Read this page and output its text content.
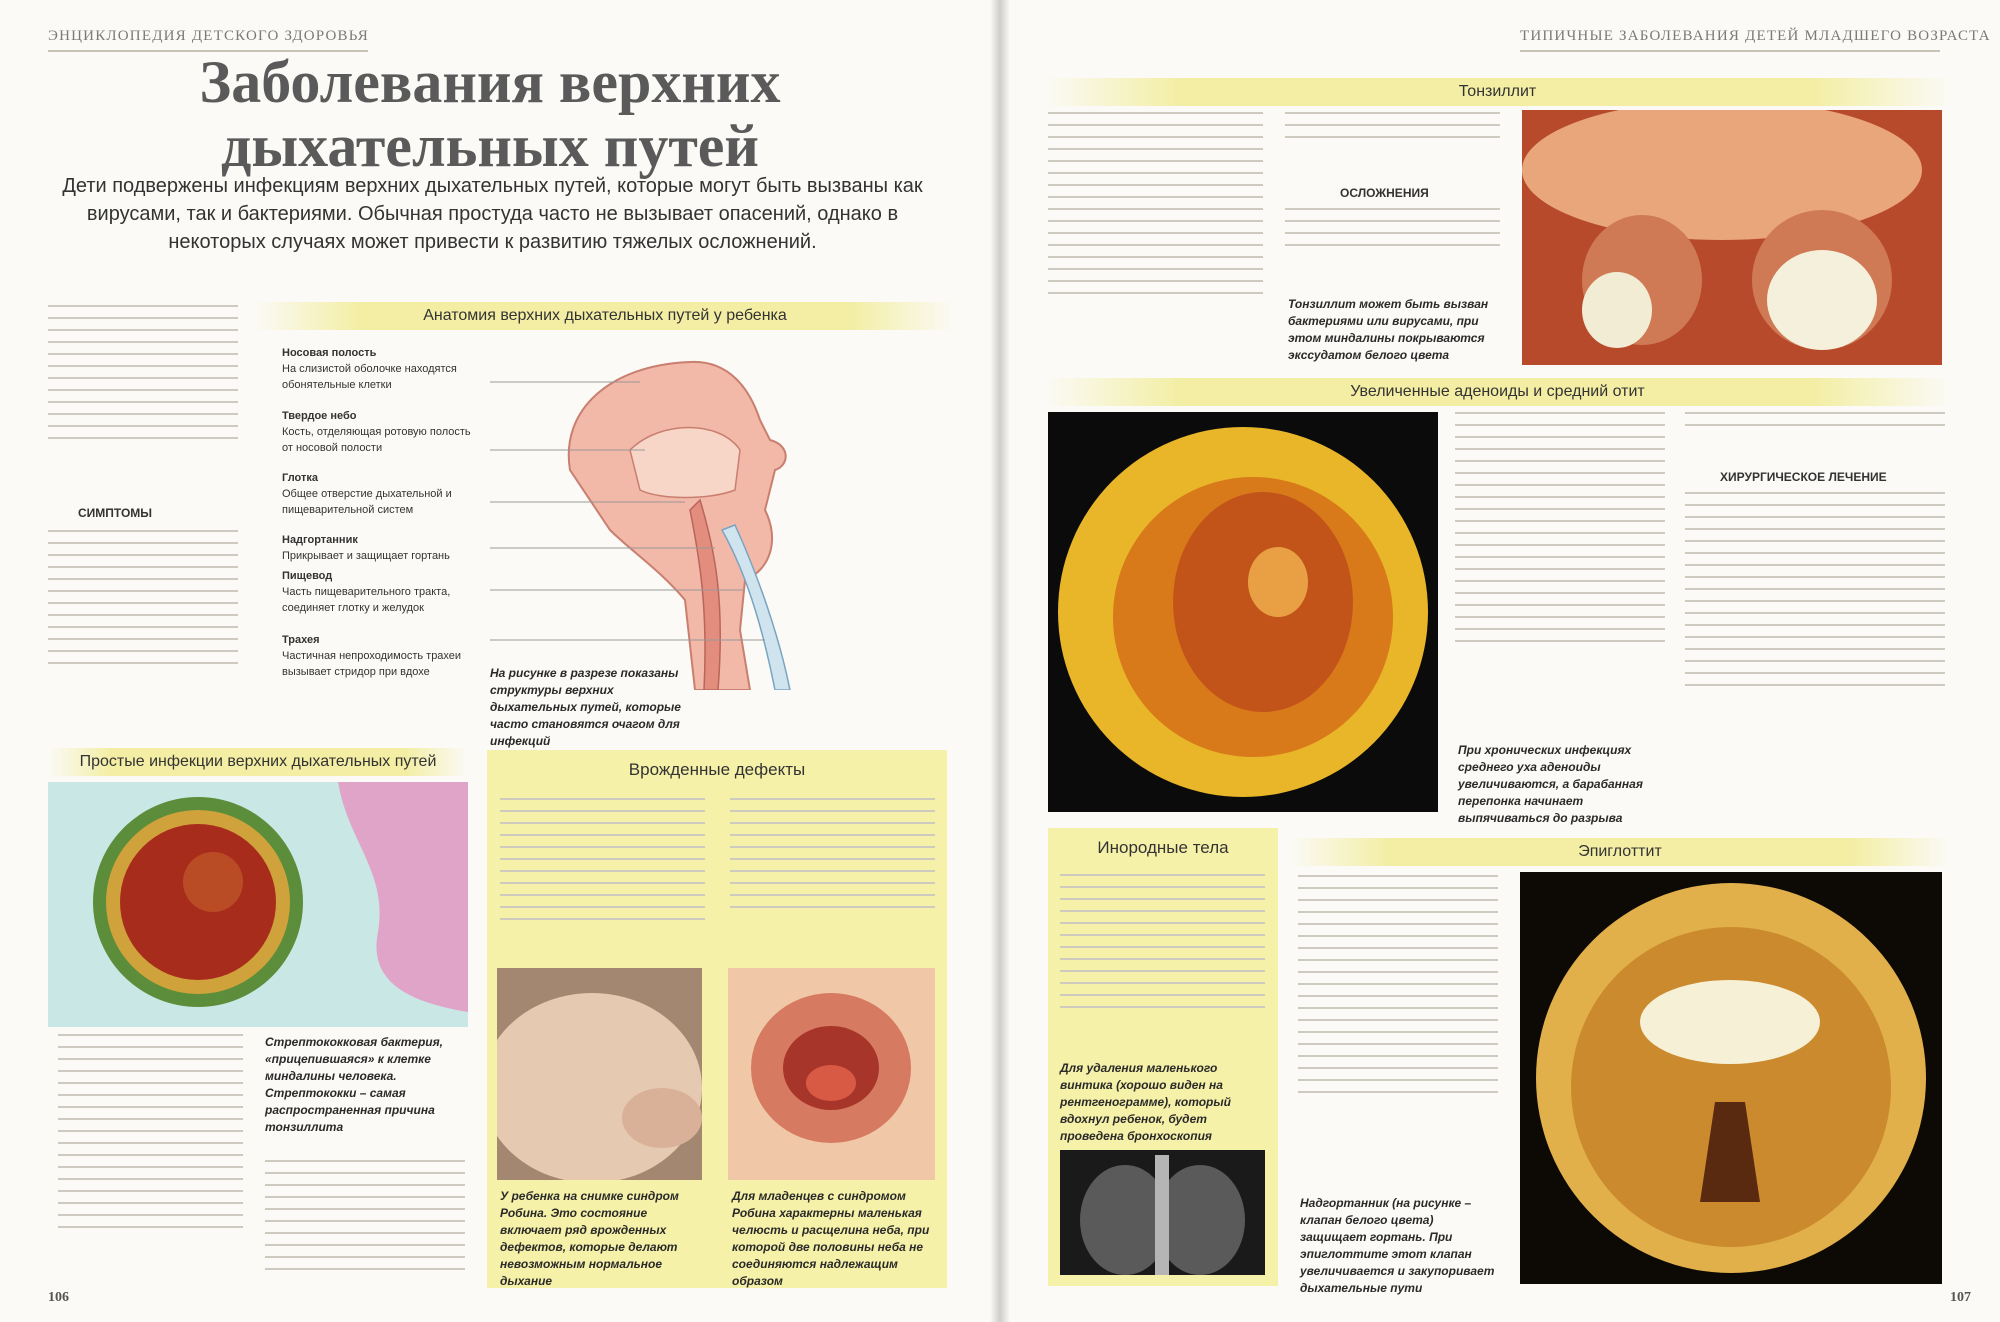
ЭНЦИКЛОПЕДИЯ ДЕТСКОГО ЗДОРОВЬЯ
Заболевания верхних дыхательных путей
Дети подвержены инфекциям верхних дыхательных путей, которые могут быть вызваны как вирусами, так и бактериями. Обычная простуда часто не вызывает опасений, однако в некоторых случаях может привести к развитию тяжелых осложнений.
СИМПТОМЫ
Анатомия верхних дыхательных путей у ребенка
На рисунке в разрезе показаны структуры верхних дыхательных путей, которые часто становятся очагом для инфекций
Простые инфекции верхних дыхательных путей
Стрептококковая бактерия, «прицепившаяся» к клетке миндалины человека. Стрептококки – самая распространенная причина тонзиллита
Врожденные дефекты
У ребенка на снимке синдром Робина. Это состояние включает ряд врожденных дефектов, которые делают невозможным нормальное дыхание
Для младенцев с синдромом Робина характерны маленькая челюсть и расщелина неба, при которой две половины неба не соединяются надлежащим образом
106
Носовая полость
На слизистой оболочке находятся обонятельные клетки
Твердое небо
Кость, отделяющая ротовую полость от носовой полости
Глотка
Общее отверстие дыхательной и пищеварительной систем
Надгортанник
Прикрывает и защищает гортань
Пищевод
Часть пищеварительного тракта, соединяет глотку и желудок
Трахея
Частичная непроходимость трахеи вызывает стридор при вдохе
ТИПИЧНЫЕ ЗАБОЛЕВАНИЯ ДЕТЕЙ МЛАДШЕГО ВОЗРАСТА
Тонзиллит
ОСЛОЖНЕНИЯ
Тонзиллит может быть вызван бактериями или вирусами, при этом миндалины покрываются экссудатом белого цвета
Увеличенные аденоиды и средний отит
При хронических инфекциях среднего уха аденоиды увеличиваются, а барабанная перепонка начинает выпячиваться до разрыва
ХИРУРГИЧЕСКОЕ ЛЕЧЕНИЕ
Инородные тела
Для удаления маленького винтика (хорошо виден на рентгенограмме), который вдохнул ребенок, будет проведена бронхоскопия
Эпиглоттит
Надгортанник (на рисунке – клапан белого цвета) защищает гортань. При эпиглоттите этот клапан увеличивается и закупоривает дыхательные пути
107
